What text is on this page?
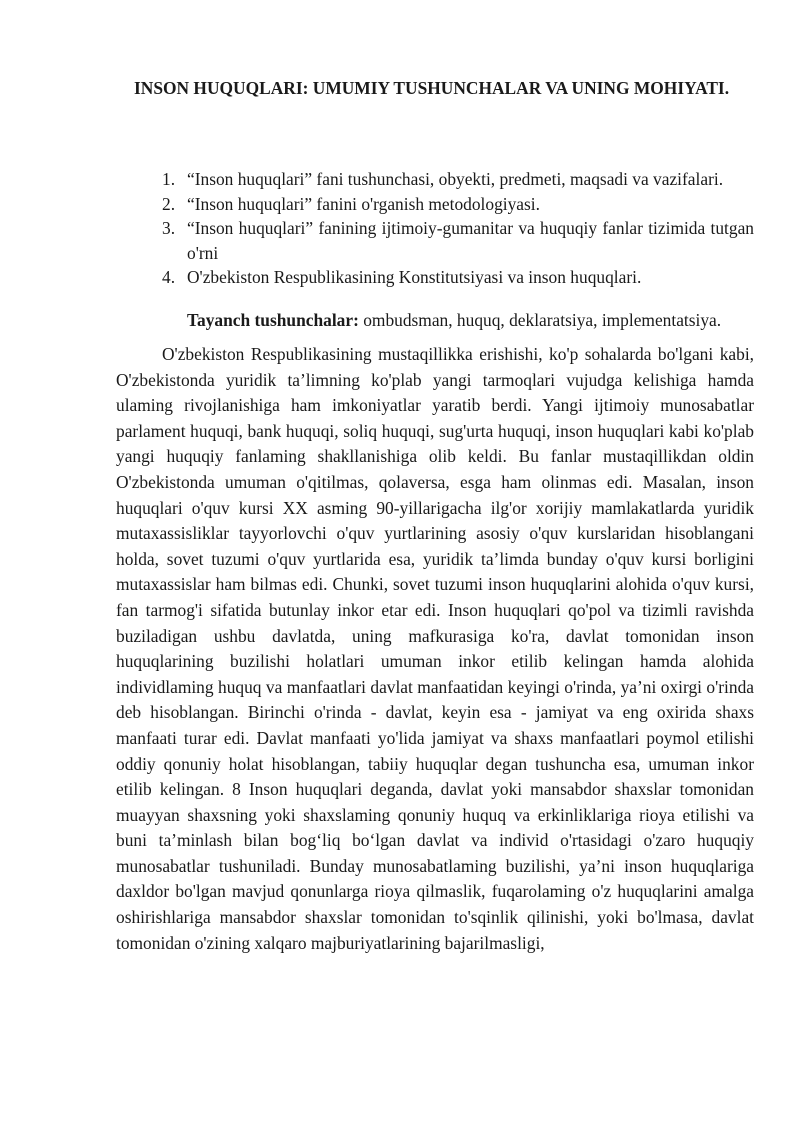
INSON HUQUQLARI: UMUMIY TUSHUNCHALAR VA UNING MOHIYATI.
1. “Inson huquqlari” fani tushunchasi, obyekti, predmeti, maqsadi va vazifalari.
2. “Inson huquqlari” fanini o'rganish metodologiyasi.
3. “Inson huquqlari” fanining ijtimoiy-gumanitar va huquqiy fanlar tizimida tutgan o'rni
4. O'zbekiston Respublikasining Konstitutsiyasi va inson huquqlari.

Tayanch tushunchalar: ombudsman, huquq, deklaratsiya, implementatsiya.

O'zbekiston Respublikasining mustaqillikka erishishi, ko'p sohalarda bo'lgani kabi, O'zbekistonda yuridik ta’limning ko'plab yangi tarmoqlari vujudga kelishiga hamda ulaming rivojlanishiga ham imkoniyatlar yaratib berdi. Yangi ijtimoiy munosabatlar parlament huquqi, bank huquqi, soliq huquqi, sug'urta huquqi, inson huquqlari kabi ko'plab yangi huquqiy fanlaming shakllanishiga olib keldi. Bu fanlar mustaqillikdan oldin O'zbekistonda umuman o'qitilmas, qolaversa, esga ham olinmas edi. Masalan, inson huquqlari o'quv kursi XX asming 90-yillarigacha ilg'or xorijiy mamlakatlarda yuridik mutaxassisliklar tayyorlovchi o'quv yurtlarining asosiy o'quv kurslaridan hisoblangani holda, sovet tuzumi o'quv yurtlarida esa, yuridik ta’limda bunday o'quv kursi borligini mutaxassislar ham bilmas edi. Chunki, sovet tuzumi inson huquqlarini alohida o'quv kursi, fan tarmog'i sifatida butunlay inkor etar edi. Inson huquqlari qo'pol va tizimli ravishda buziladigan ushbu davlatda, uning mafkurasiga ko'ra, davlat tomonidan inson huquqlarining buzilishi holatlari umuman inkor etilib kelingan hamda alohida individlaming huquq va manfaatlari davlat manfaatidan keyingi o'rinda, ya’ni oxirgi o'rinda deb hisoblangan. Birinchi o'rinda - davlat, keyin esa - jamiyat va eng oxirida shaxs manfaati turar edi. Davlat manfaati yo'lida jamiyat va shaxs manfaatlari poymol etilishi oddiy qonuniy holat hisoblangan, tabiiy huquqlar degan tushuncha esa, umuman inkor etilib kelingan. 8 Inson huquqlari deganda, davlat yoki mansabdor shaxslar tomonidan muayyan shaxsning yoki shaxslaming qonuniy huquq va erkinliklariga rioya etilishi va buni ta’minlash bilan bog‘liq bo‘lgan davlat va individ o'rtasidagi o'zaro huquqiy munosabatlar tushuniladi. Bunday munosabatlaming buzilishi, ya’ni inson huquqlariga daxldor bo'lgan mavjud qonunlarga rioya qilmaslik, fuqarolaming o'z huquqlarini amalga oshirishlariga mansabdor shaxslar tomonidan to'sqinlik qilinishi, yoki bo'lmasa, davlat tomonidan o'zining xalqaro majburiyatlarining bajarilmasligi,
